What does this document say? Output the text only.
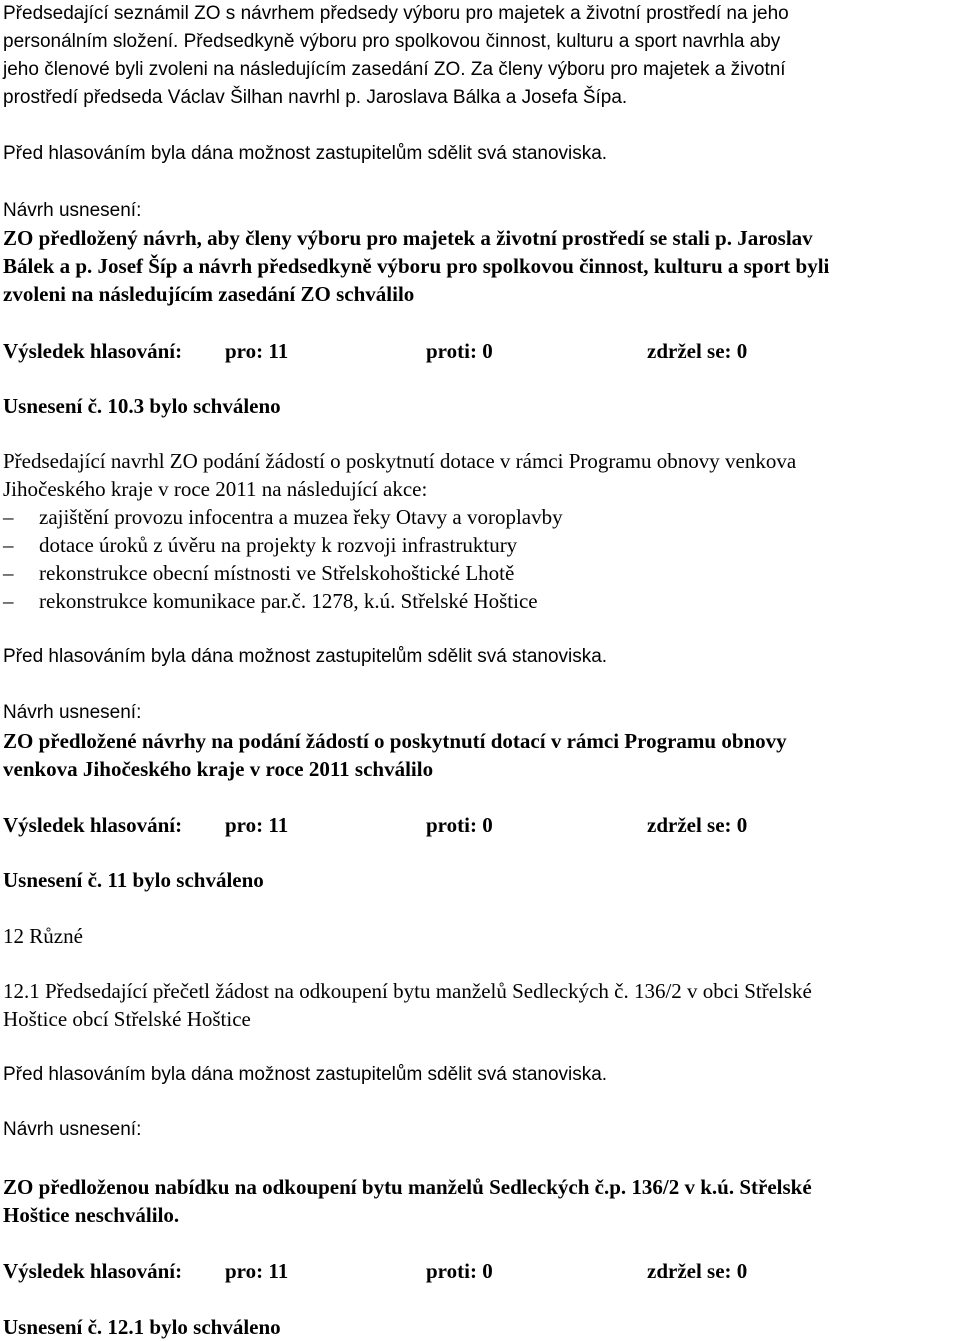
Předsedající seznámil ZO s návrhem předsedy výboru pro majetek a životní prostředí na jeho
personálním složení. Předsedkyně výboru pro spolkovou činnost, kulturu a sport navrhla aby
jeho členové byli zvoleni na následujícím zasedání ZO. Za členy výboru pro majetek a životní
prostředí předseda Václav Šilhan navrhl p. Jaroslava Bálka a Josefa Šípa.
Před hlasováním byla dána možnost zastupitelům sdělit svá stanoviska.
Návrh usnesení:
ZO předložený návrh, aby členy výboru pro majetek a životní prostředí se stali p. Jaroslav
Bálek a p. Josef Šíp a návrh předsedkyně výboru pro spolkovou činnost, kulturu a sport byli
zvoleni na následujícím zasedání ZO schválilo
Výsledek hlasování: pro: 11	proti: 0	zdržel se: 0
Usnesení č. 10.3 bylo schváleno
Předsedající navrhl ZO podání žádostí o poskytnutí dotace v rámci Programu obnovy venkova
Jihočeského kraje v roce 2011 na následující akce:
– zajištění provozu infocentra a muzea řeky Otavy a voroplavby
– dotace úroků z úvěru na projekty k rozvoji infrastruktury
– rekonstrukce obecní místnosti ve Střelskohoštické Lhotě
– rekonstrukce komunikace par.č. 1278, k.ú. Střelské Hoštice
Před hlasováním byla dána možnost zastupitelům sdělit svá stanoviska.
Návrh usnesení:
ZO předložené návrhy na podání žádostí o poskytnutí dotací v rámci Programu obnovy
venkova Jihočeského kraje v roce 2011 schválilo
Výsledek hlasování: pro: 11	proti: 0	zdržel se: 0
Usnesení č. 11 bylo schváleno
12 Různé
12.1 Předsedající přečetl žádost na odkoupení bytu manželů Sedleckých č. 136/2 v obci Střelské
Hoštice obcí Střelské Hoštice
Před hlasováním byla dána možnost zastupitelům sdělit svá stanoviska.
Návrh usnesení:
ZO předloženou nabídku na odkoupení bytu manželů Sedleckých č.p. 136/2 v k.ú. Střelské
Hoštice neschválilo.
Výsledek hlasování: pro: 11	proti: 0	zdržel se: 0
Usnesení č. 12.1 bylo schváleno
